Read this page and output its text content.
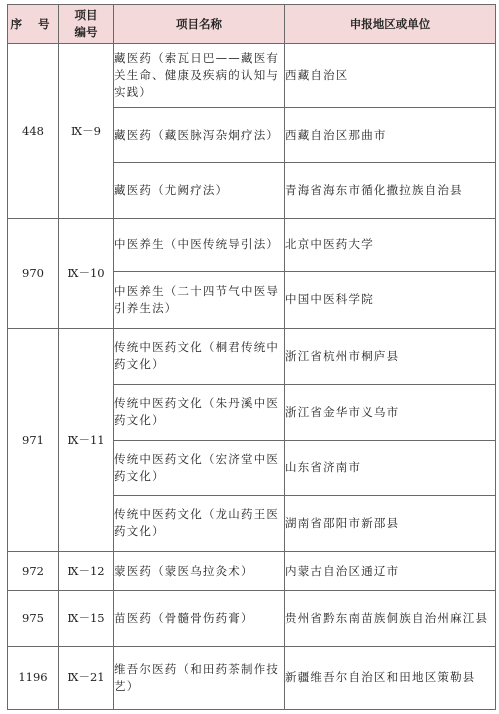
序 号	项目编号	项目名称	申报地区或单位
448	Ⅸ－9	藏医药（索瓦日巴——藏医有关生命、健康及疾病的认知与实践）	西藏自治区
		藏医药（藏医脉泻杂炯疗法）	西藏自治区那曲市
		藏医药（尤阙疗法）	青海省海东市循化撒拉族自治县
970	Ⅸ－10	中医养生（中医传统导引法）	北京中医药大学
		中医养生（二十四节气中医导引养生法）	中国中医科学院
971	Ⅸ－11	传统中医药文化（桐君传统中药文化）	浙江省杭州市桐庐县
		传统中医药文化（朱丹溪中医药文化）	浙江省金华市义乌市
		传统中医药文化（宏济堂中医药文化）	山东省济南市
		传统中医药文化（龙山药王医药文化）	湖南省邵阳市新邵县
972	Ⅸ－12	蒙医药（蒙医乌拉灸术）	内蒙古自治区通辽市
975	Ⅸ－15	苗医药（骨髓骨伤药膏）	贵州省黔东南苗族侗族自治州麻江县
1196	Ⅸ－21	维吾尔医药（和田药茶制作技艺）	新疆维吾尔自治区和田地区策勒县
